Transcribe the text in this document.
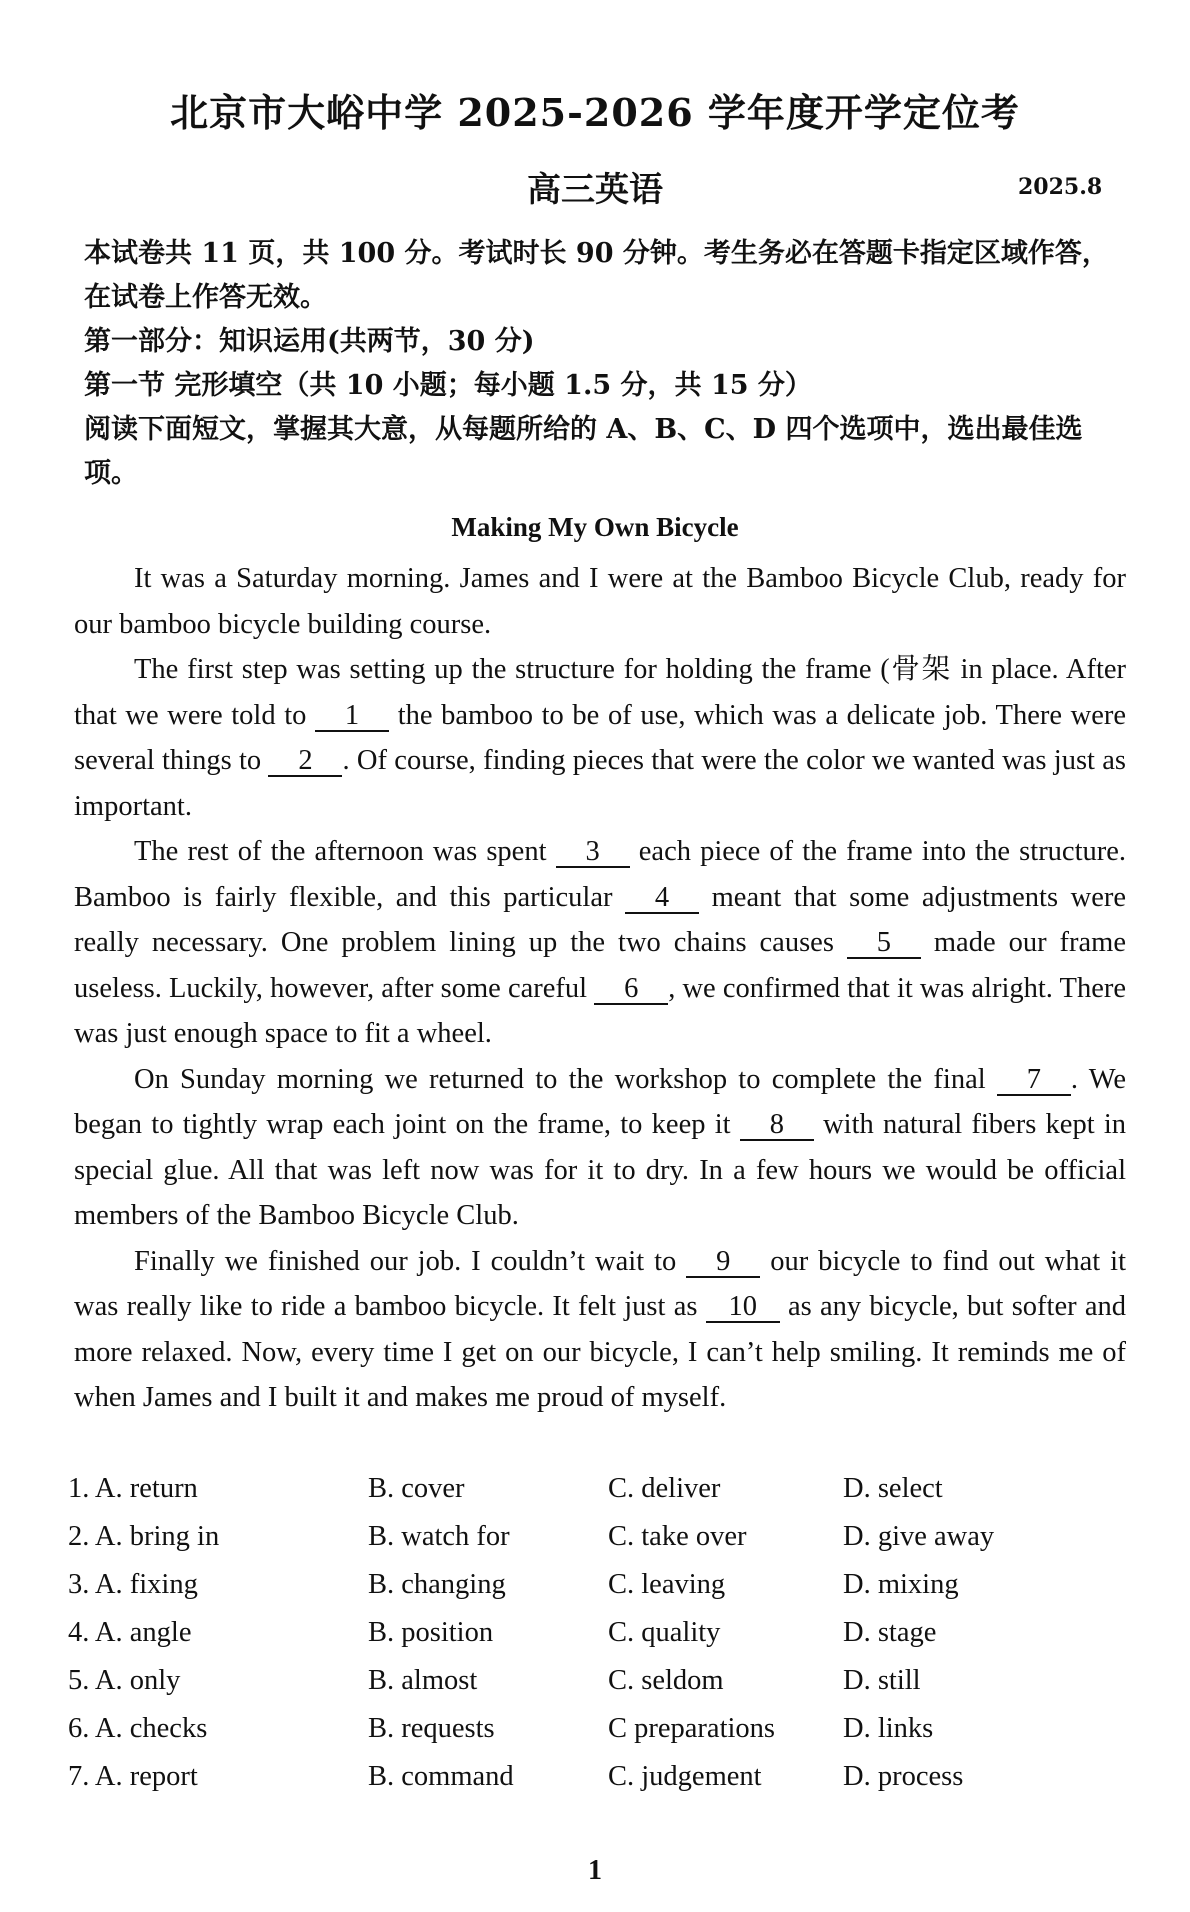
北京市大峪中学 2025-2026 学年度开学定位考
高三英语	2025.8
本试卷共 11 页，共 100 分。考试时长 90 分钟。考生务必在答题卡指定区域作答，在试卷上作答无效。
第一部分：知识运用(共两节，30 分)
第一节 完形填空（共 10 小题；每小题 1.5 分，共 15 分）
阅读下面短文，掌握其大意，从每题所给的 A、B、C、D 四个选项中，选出最佳选项。
Making My Own Bicycle

It was a Saturday morning. James and I were at the Bamboo Bicycle Club, ready for our bamboo bicycle building course.

The first step was setting up the structure for holding the frame (骨架 in place. After that we were told to 1 the bamboo to be of use, which was a delicate job. There were several things to 2 . Of course, finding pieces that were the color we wanted was just as important.

The rest of the afternoon was spent 3 each piece of the frame into the structure. Bamboo is fairly flexible, and this particular 4 meant that some adjustments were really necessary. One problem lining up the two chains causes 5 made our frame useless. Luckily, however, after some careful 6 , we confirmed that it was alright. There was just enough space to fit a wheel.

On Sunday morning we returned to the workshop to complete the final 7 . We began to tightly wrap each joint on the frame, to keep it 8 with natural fibers kept in special glue. All that was left now was for it to dry. In a few hours we would be official members of the Bamboo Bicycle Club.

Finally we finished our job. I couldn’t wait to 9 our bicycle to find out what it was really like to ride a bamboo bicycle. It felt just as 10 as any bicycle, but softer and more relaxed. Now, every time I get on our bicycle, I can’t help smiling. It reminds me of when James and I built it and makes me proud of myself.

1. A. return	B. cover	C. deliver	D. select
2. A. bring in	B. watch for	C. take over	D. give away
3. A. fixing	B. changing	C. leaving	D. mixing
4. A. angle	B. position	C. quality	D. stage
5. A. only	B. almost	C. seldom	D. still
6. A. checks	B. requests	C preparations D. links
7. A. report	B. command	C. judgement	D. process
1
